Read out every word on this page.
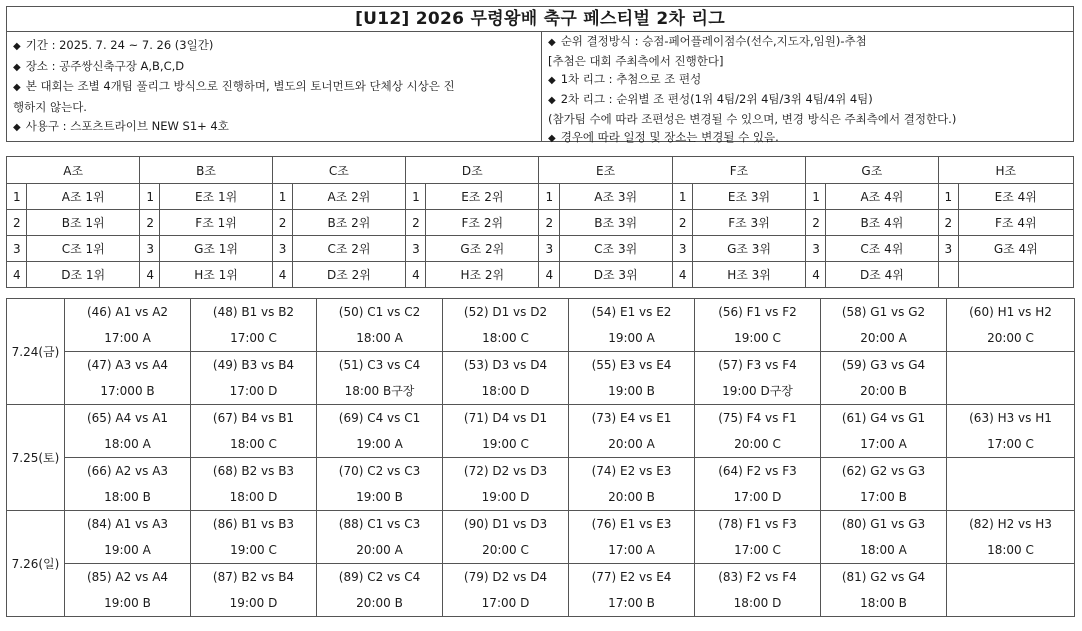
[U12] 2026 무령왕배 축구 페스티벌 2차 리그
◆ 기간 : 2025. 7. 24 ~ 7. 26 (3일간)
◆ 장소 : 공주쌍신축구장 A,B,C,D
◆ 본 대회는 조별 4개팀 풀리그 방식으로 진행하며, 별도의 토너먼트와 단체상 시상은 진
행하지 않는다.
◆ 사용구 : 스포츠트라이브 NEW S1+ 4호
◆ 순위 결정방식 : 승점-페어플레이점수(선수,지도자,임원)-추첨
[추첨은 대회 주최측에서 진행한다]
◆ 1차 리그 : 추첨으로 조 편성
◆ 2차 리그 : 순위별 조 편성(1위 4팀/2위 4팀/3위 4팀/4위 4팀)
(참가팀 수에 따라 조편성은 변경될 수 있으며, 변경 방식은 주최측에서 결정한다.)
◆ 경우에 따라 일정 및 장소는 변경될 수 있음.
A조		B조		C조		D조		E조		F조		G조		H조	
1	A조 1위	1	E조 1위	1	A조 2위	1	E조 2위	1	A조 3위	1	E조 3위	1	A조 4위	1	E조 4위
2	B조 1위	2	F조 1위	2	B조 2위	2	F조 2위	2	B조 3위	2	F조 3위	2	B조 4위	2	F조 4위
3	C조 1위	3	G조 1위	3	C조 2위	3	G조 2위	3	C조 3위	3	G조 3위	3	C조 4위	3	G조 4위
4	D조 1위	4	H조 1위	4	D조 2위	4	H조 2위	4	D조 3위	4	H조 3위	4	D조 4위		
7.24(금)	(46) A1 vs A2	(48) B1 vs B2	(50) C1 vs C2	(52) D1 vs D2	(54) E1 vs E2	(56) F1 vs F2	(58) G1 vs G2	(60) H1 vs H2
	17:00 A	17:00 C	18:00 A	18:00 C	19:00 A	19:00 C	20:00 A	20:00 C
	(47) A3 vs A4	(49) B3 vs B4	(51) C3 vs C4	(53) D3 vs D4	(55) E3 vs E4	(57) F3 vs F4	(59) G3 vs G4	
	17:000 B	17:00 D	18:00 B구장	18:00 D	19:00 B	19:00 D구장	20:00 B	
7.25(토)	(65) A4 vs A1	(67) B4 vs B1	(69) C4 vs C1	(71) D4 vs D1	(73) E4 vs E1	(75) F4 vs F1	(61) G4 vs G1	(63) H3 vs H1
	18:00 A	18:00 C	19:00 A	19:00 C	20:00 A	20:00 C	17:00 A	17:00 C
	(66) A2 vs A3	(68) B2 vs B3	(70) C2 vs C3	(72) D2 vs D3	(74) E2 vs E3	(64) F2 vs F3	(62) G2 vs G3	
	18:00 B	18:00 D	19:00 B	19:00 D	20:00 B	17:00 D	17:00 B	
7.26(일)	(84) A1 vs A3	(86) B1 vs B3	(88) C1 vs C3	(90) D1 vs D3	(76) E1 vs E3	(78) F1 vs F3	(80) G1 vs G3	(82) H2 vs H3
	19:00 A	19:00 C	20:00 A	20:00 C	17:00 A	17:00 C	18:00 A	18:00 C
	(85) A2 vs A4	(87) B2 vs B4	(89) C2 vs C4	(79) D2 vs D4	(77) E2 vs E4	(83) F2 vs F4	(81) G2 vs G4	
	19:00 B	19:00 D	20:00 B	17:00 D	17:00 B	18:00 D	18:00 B	
